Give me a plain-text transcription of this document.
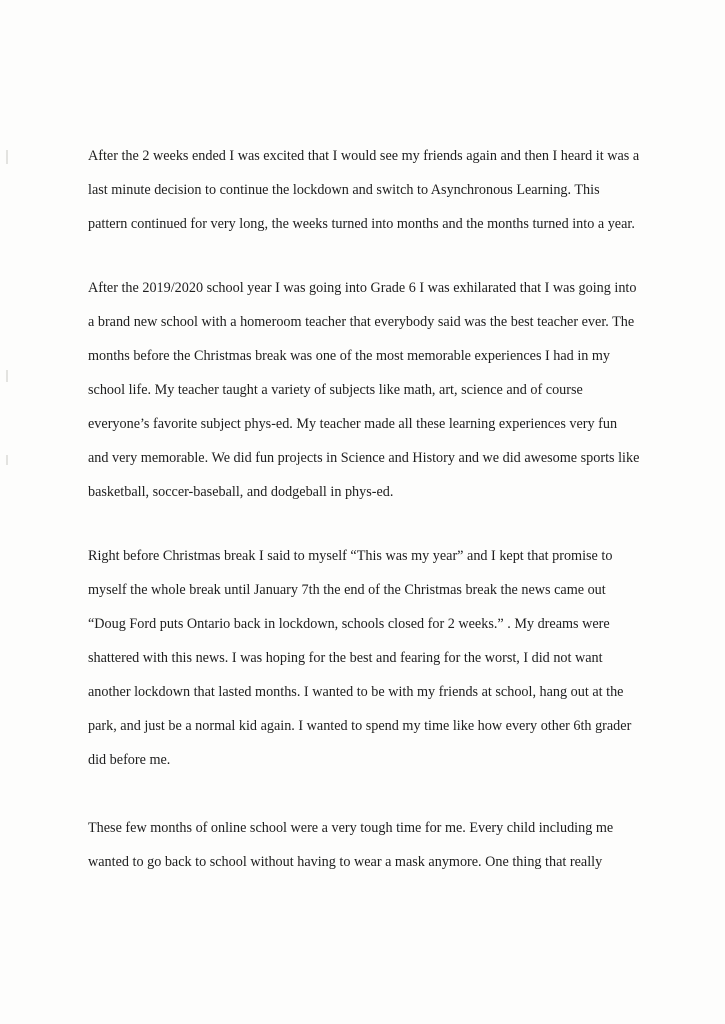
After the 2 weeks ended I was excited that I would see my friends again and then I heard it was a
last minute decision to continue the lockdown and switch to Asynchronous Learning. This
pattern continued for very long, the weeks turned into months and the months turned into a year.
After the 2019/2020 school year I was going into Grade 6 I was exhilarated that I was going into
a brand new school with a homeroom teacher that everybody said was the best teacher ever. The
months before the Christmas break was one of the most memorable experiences I had in my
school life. My teacher taught a variety of subjects like math, art, science and of course
everyone’s favorite subject phys-ed. My teacher made all these learning experiences very fun
and very memorable. We did fun projects in Science and History and we did awesome sports like
basketball, soccer-baseball, and dodgeball in phys-ed.
Right before Christmas break I said to myself “This was my year” and I kept that promise to
myself the whole break until January 7th the end of the Christmas break the news came out
“Doug Ford puts Ontario back in lockdown, schools closed for 2 weeks.” . My dreams were
shattered with this news. I was hoping for the best and fearing for the worst, I did not want
another lockdown that lasted months. I wanted to be with my friends at school, hang out at the
park, and just be a normal kid again. I wanted to spend my time like how every other 6th grader
did before me.
These few months of online school were a very tough time for me. Every child including me
wanted to go back to school without having to wear a mask anymore. One thing that really
